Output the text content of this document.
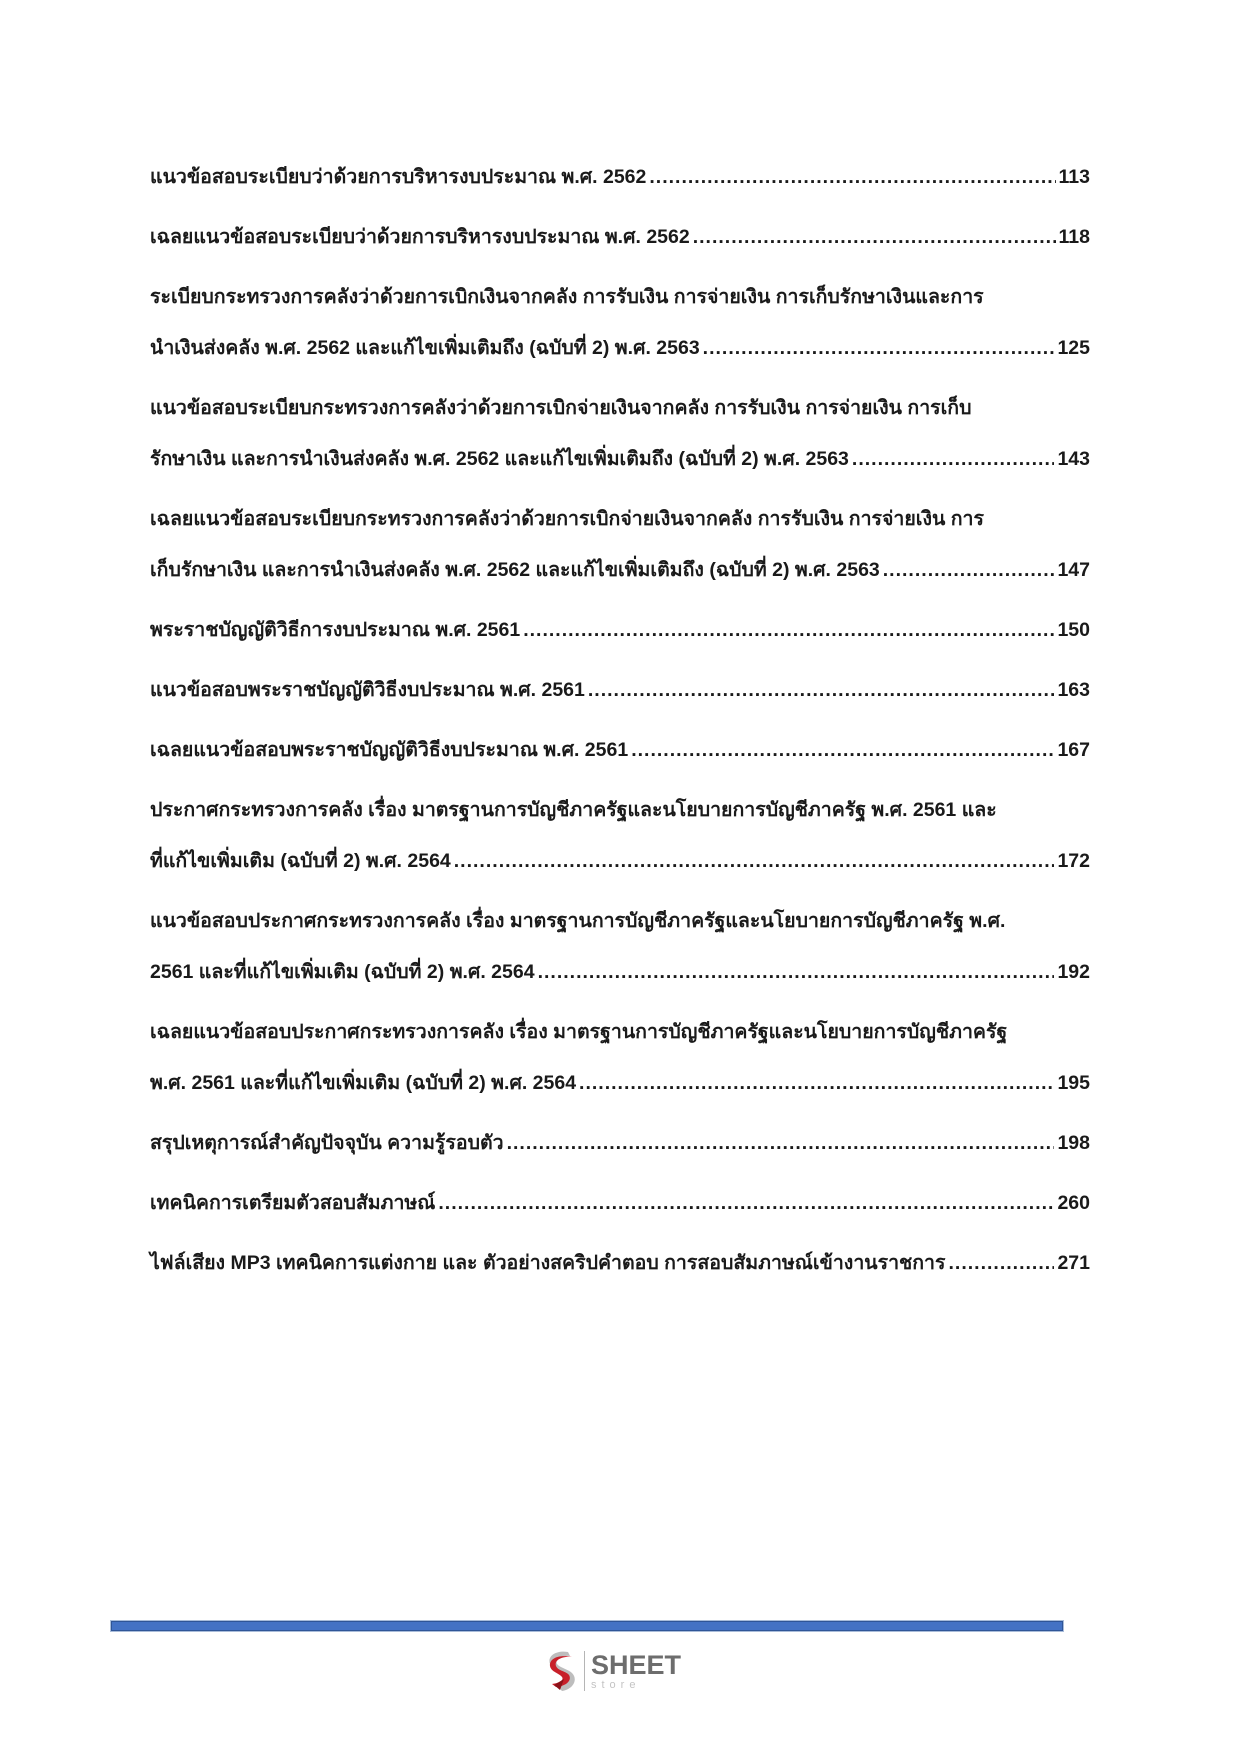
แนวข้อสอบระเบียบว่าด้วยการบริหารงบประมาณ พ.ศ. 2562 .....	113
เฉลยแนวข้อสอบระเบียบว่าด้วยการบริหารงบประมาณ พ.ศ. 2562 .....	118
ระเบียบกระทรวงการคลังว่าด้วยการเบิกเงินจากคลัง การรับเงิน การจ่ายเงิน การเก็บรักษาเงินและการ
นำเงินส่งคลัง พ.ศ. 2562 และแก้ไขเพิ่มเติมถึง (ฉบับที่ 2) พ.ศ. 2563 .....	125
แนวข้อสอบระเบียบกระทรวงการคลังว่าด้วยการเบิกจ่ายเงินจากคลัง การรับเงิน การจ่ายเงิน การเก็บ
รักษาเงิน และการนำเงินส่งคลัง พ.ศ. 2562 และแก้ไขเพิ่มเติมถึง (ฉบับที่ 2) พ.ศ. 2563 .....	143
เฉลยแนวข้อสอบระเบียบกระทรวงการคลังว่าด้วยการเบิกจ่ายเงินจากคลัง การรับเงิน การจ่ายเงิน การ
เก็บรักษาเงิน และการนำเงินส่งคลัง พ.ศ. 2562 และแก้ไขเพิ่มเติมถึง (ฉบับที่ 2) พ.ศ. 2563 .....	147
พระราชบัญญัติวิธีการงบประมาณ พ.ศ. 2561 .....	150
แนวข้อสอบพระราชบัญญัติวิธีงบประมาณ พ.ศ. 2561 .....	163
เฉลยแนวข้อสอบพระราชบัญญัติวิธีงบประมาณ พ.ศ. 2561 .....	167
ประกาศกระทรวงการคลัง เรื่อง มาตรฐานการบัญชีภาครัฐและนโยบายการบัญชีภาครัฐ พ.ศ. 2561 และ
ที่แก้ไขเพิ่มเติม (ฉบับที่ 2) พ.ศ. 2564 .....	172
แนวข้อสอบประกาศกระทรวงการคลัง เรื่อง มาตรฐานการบัญชีภาครัฐและนโยบายการบัญชีภาครัฐ พ.ศ.
2561 และที่แก้ไขเพิ่มเติม (ฉบับที่ 2) พ.ศ. 2564 .....	192
เฉลยแนวข้อสอบประกาศกระทรวงการคลัง เรื่อง มาตรฐานการบัญชีภาครัฐและนโยบายการบัญชีภาครัฐ
พ.ศ. 2561 และที่แก้ไขเพิ่มเติม (ฉบับที่ 2) พ.ศ. 2564 .....	195
สรุปเหตุการณ์สำคัญปัจจุบัน ความรู้รอบตัว .....	198
เทคนิคการเตรียมตัวสอบสัมภาษณ์ .....	260
ไฟล์เสียง MP3 เทคนิคการแต่งกาย และ ตัวอย่างสคริปคำตอบ การสอบสัมภาษณ์เข้างานราชการ .....	271
SHEET
store
